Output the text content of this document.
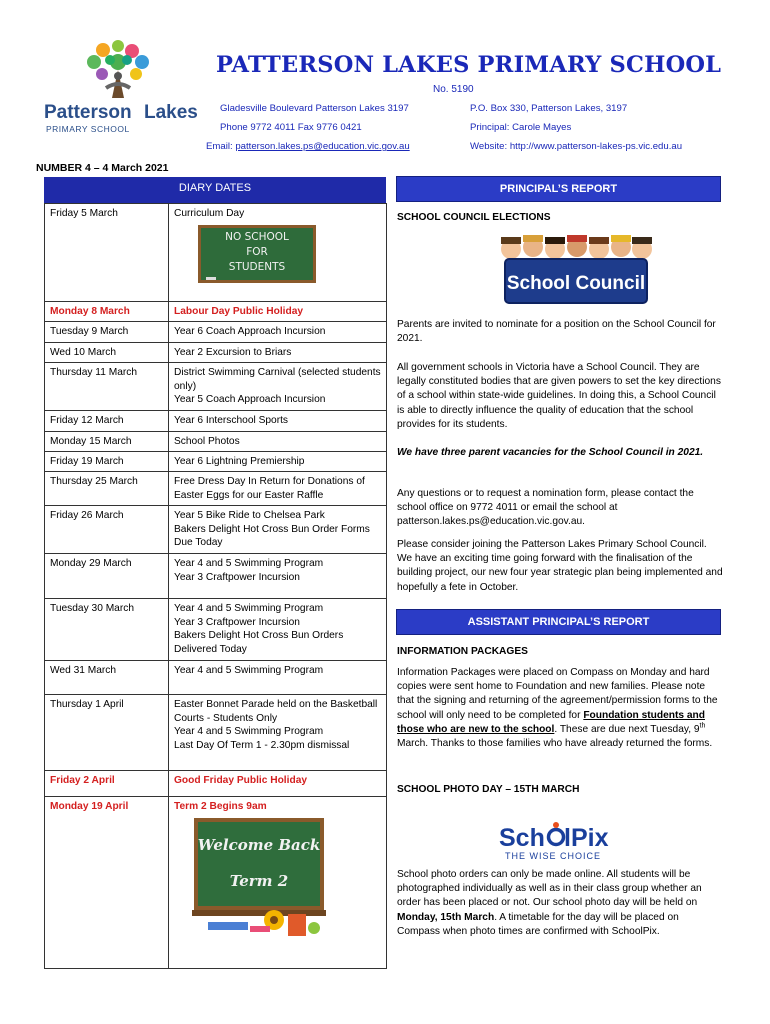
Patterson Lakes
PRIMARY SCHOOL
PATTERSON LAKES PRIMARY SCHOOL
No. 5190
Gladesville Boulevard Patterson Lakes 3197	P.O. Box 330, Patterson Lakes, 3197
Phone 9772 4011 Fax 9776 0421	Principal: Carole Mayes
Email: patterson.lakes.ps@education.vic.gov.au	Website: http://www.patterson-lakes-ps.vic.edu.au
NUMBER 4 – 4 March 2021
DIARY DATES
Friday 5 March	Curriculum Day
NO SCHOOL
FOR
STUDENTS

Monday 8 March	Labour Day Public Holiday
Tuesday 9 March	Year 6 Coach Approach Incursion
Wed 10 March	Year 2 Excursion to Briars
Thursday 11 March	District Swimming Carnival (selected students only)
Year 5 Coach Approach Incursion
Friday 12 March	Year 6 Interschool Sports
Monday 15 March	School Photos
Friday 19 March	Year 6 Lightning Premiership
Thursday 25 March	Free Dress Day In Return for Donations of Easter Eggs for our Easter Raffle
Friday 26 March	Year 5 Bike Ride to Chelsea Park
Bakers Delight Hot Cross Bun Order Forms Due Today
Monday 29 March	Year 4 and 5 Swimming Program
Year 3 Craftpower Incursion
Tuesday 30 March	Year 4 and 5 Swimming Program
Year 3 Craftpower Incursion
Bakers Delight Hot Cross Bun Orders Delivered Today
Wed 31 March	Year 4 and 5 Swimming Program
Thursday 1 April	Easter Bonnet Parade held on the Basketball Courts - Students Only
Year 4 and 5 Swimming Program
Last Day Of Term 1 - 2.30pm dismissal
Friday 2 April	Good Friday Public Holiday
Monday 19 April	Term 2 Begins 9am
Welcome Back
Term 2
PRINCIPAL’S REPORT
SCHOOL COUNCIL ELECTIONS
School Council
Parents are invited to nominate for a position on the School Council for 2021.
All government schools in Victoria have a School Council. They are legally constituted bodies that are given powers to set the key directions of a school within state-wide guidelines. In doing this, a School Council is able to directly influence the quality of education that the school provides for its students.
We have three parent vacancies for the School Council in 2021.
Any questions or to request a nomination form, please contact the school office on 9772 4011 or email the school at patterson.lakes.ps@education.vic.gov.au.
Please consider joining the Patterson Lakes Primary School Council. We have an exciting time going forward with the finalisation of the building project, our new four year strategic plan being implemented and hopefully a fete in October.
ASSISTANT PRINCIPAL’S REPORT
INFORMATION PACKAGES
Information Packages were placed on Compass on Monday and hard copies were sent home to Foundation and new families. Please note that the signing and returning of the agreement/permission forms to the school will only need to be completed for Foundation students and those who are new to the school. These are due next Tuesday, 9th March. Thanks to those families who have already returned the forms.
SCHOOL PHOTO DAY – 15TH MARCH
Sch lPix
THE WISE CHOICE
School photo orders can only be made online. All students will be photographed individually as well as in their class group whether an order has been placed or not. Our school photo day will be held on Monday, 15th March. A timetable for the day will be placed on Compass when photo times are confirmed with SchoolPix.
